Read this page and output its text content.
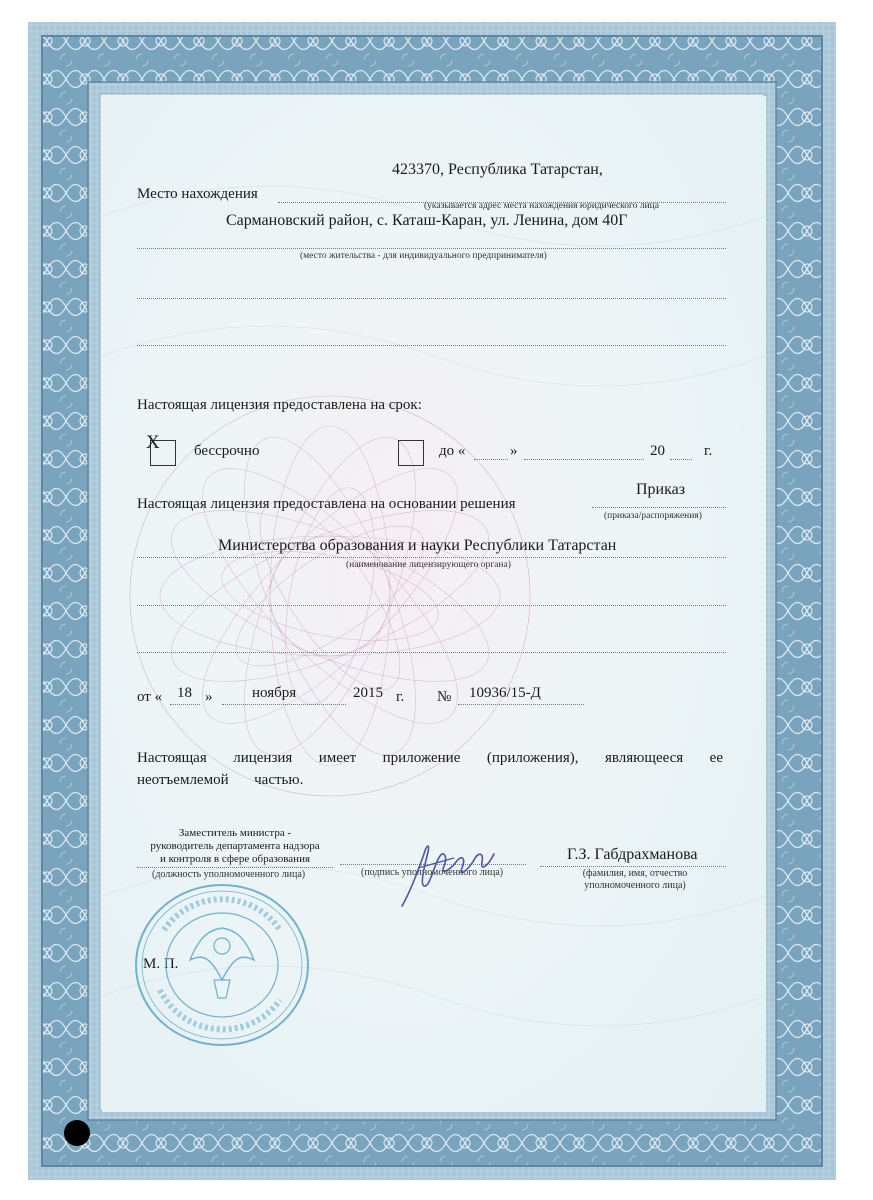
423370, Республика Татарстан,
Место нахождения
(указывается адрес места нахождения юридического лица
Сармановский район, с. Каташ-Каран, ул. Ленина, дом 40Г
(место жительства - для индивидуального предпринимателя)
Настоящая лицензия предоставлена на срок:
X бессрочно	до «	»	20	г.
Настоящая лицензия предоставлена на основании решения
Приказ
(приказа/распоряжения)
Министерства образования и науки Республики Татарстан
(наименование лицензирующего органа)
от « 18 »	ноября	2015 г. № 10936/15-Д
Настоящая лицензия имеет приложение (приложения), являющееся ее
неотъемлемой частью.
Заместитель министра -
руководитель департамента надзора
и контроля в сфере образования
(должность уполномоченного лица)	(подпись уполномоченного лица)
Г.З. Габдрахманова
(фамилия, имя, отчество
уполномоченного лица)
М. П.
